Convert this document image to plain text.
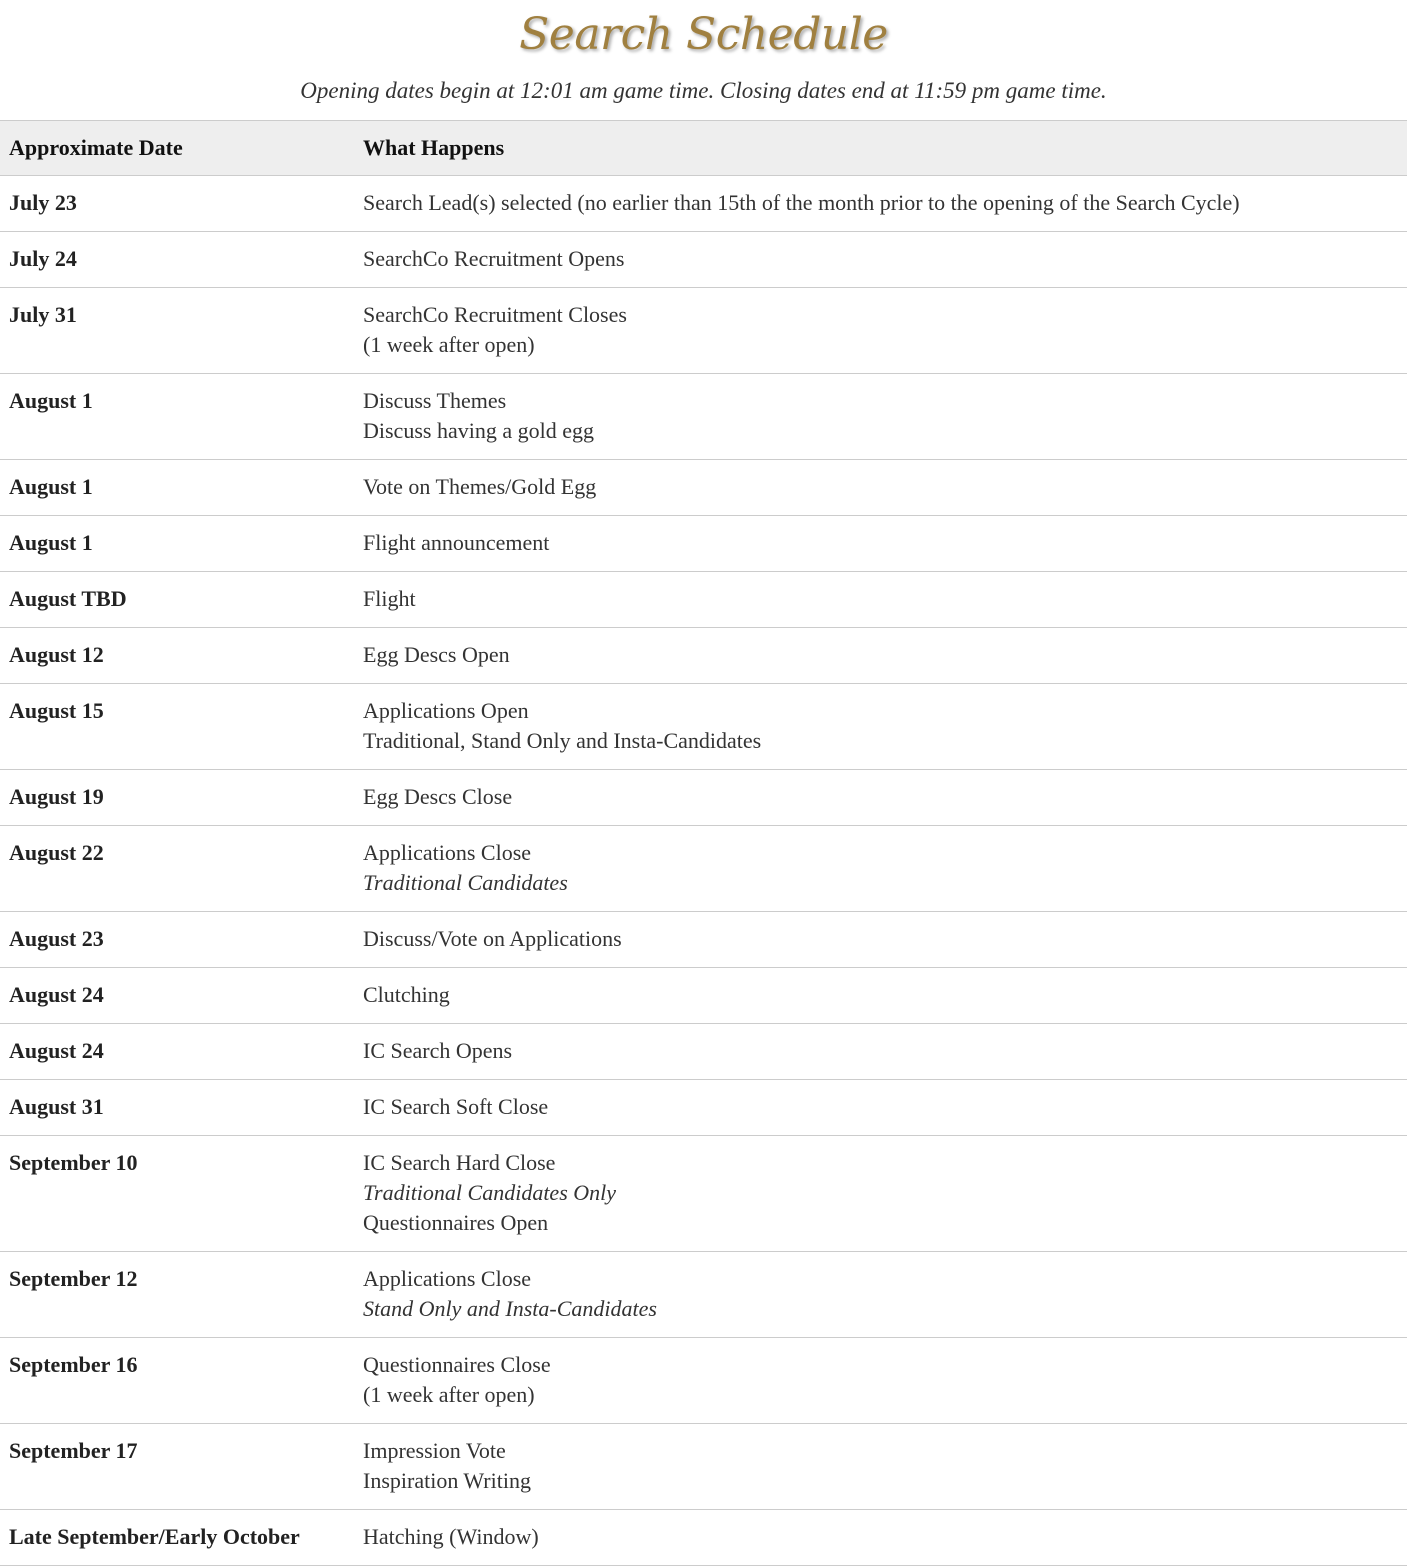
Search Schedule

Opening dates begin at 12:01 am game time. Closing dates end at 11:59 pm game time.

Approximate Date	What Happens
July 23	Search Lead(s) selected (no earlier than 15th of the month prior to the opening of the Search Cycle)

July 24	SearchCo Recruitment Opens

July 31	SearchCo Recruitment Closes
(1 week after open)

August 1	Discuss Themes
Discuss having a gold egg

August 1	Vote on Themes/Gold Egg

August 1	Flight announcement

August TBD	Flight

August 12	Egg Descs Open

August 15	Applications Open
Traditional, Stand Only and Insta-Candidates

August 19	Egg Descs Close

August 22	Applications Close
Traditional Candidates

August 23	Discuss/Vote on Applications

August 24	Clutching

August 24	IC Search Opens

August 31	IC Search Soft Close

September 10	IC Search Hard Close
Traditional Candidates Only
Questionnaires Open

September 12	Applications Close
Stand Only and Insta-Candidates

September 16	Questionnaires Close
(1 week after open)

September 17	Impression Vote
Inspiration Writing

Late September/Early October	Hatching (Window)
